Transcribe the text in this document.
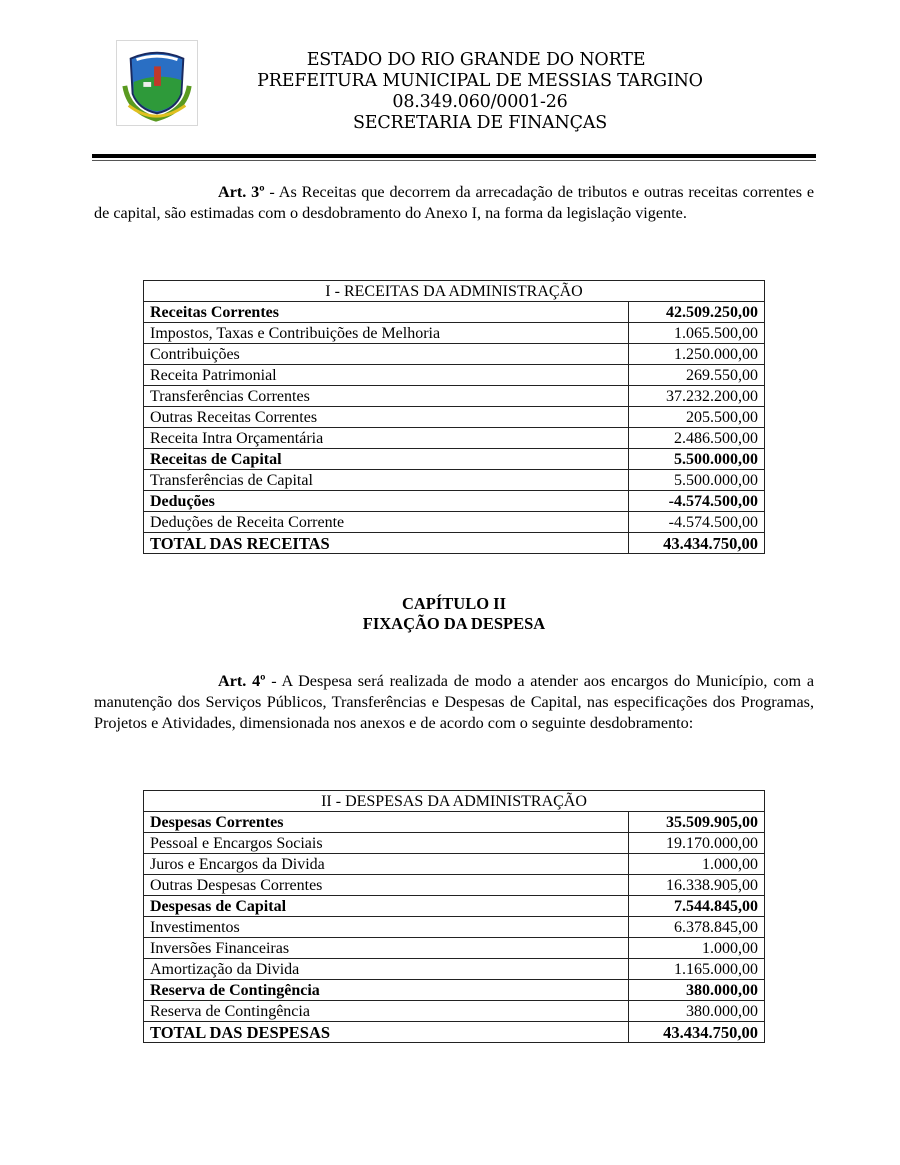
ESTADO DO RIO GRANDE DO NORTE
PREFEITURA MUNICIPAL DE MESSIAS TARGINO
08.349.060/0001-26
SECRETARIA DE FINANÇAS
Art. 3º - As Receitas que decorrem da arrecadação de tributos e outras receitas correntes e de capital, são estimadas com o desdobramento do Anexo I, na forma da legislação vigente.
I - RECEITAS DA ADMINISTRAÇÃO	
Receitas Correntes	42.509.250,00
Impostos, Taxas e Contribuições de Melhoria	1.065.500,00
Contribuições	1.250.000,00
Receita Patrimonial	269.550,00
Transferências Correntes	37.232.200,00
Outras Receitas Correntes	205.500,00
Receita Intra Orçamentária	2.486.500,00
Receitas de Capital	5.500.000,00
Transferências de Capital	5.500.000,00
Deduções	-4.574.500,00
Deduções de Receita Corrente	-4.574.500,00
TOTAL DAS RECEITAS	43.434.750,00
CAPÍTULO II
FIXAÇÃO DA DESPESA
Art. 4º - A Despesa será realizada de modo a atender aos encargos do Município, com a manutenção dos Serviços Públicos, Transferências e Despesas de Capital, nas especificações dos Programas, Projetos e Atividades, dimensionada nos anexos e de acordo com o seguinte desdobramento:
II - DESPESAS DA ADMINISTRAÇÃO	
Despesas Correntes	35.509.905,00
Pessoal e Encargos Sociais	19.170.000,00
Juros e Encargos da Divida	1.000,00
Outras Despesas Correntes	16.338.905,00
Despesas de Capital	7.544.845,00
Investimentos	6.378.845,00
Inversões Financeiras	1.000,00
Amortização da Divida	1.165.000,00
Reserva de Contingência	380.000,00
Reserva de Contingência	380.000,00
TOTAL DAS DESPESAS	43.434.750,00
